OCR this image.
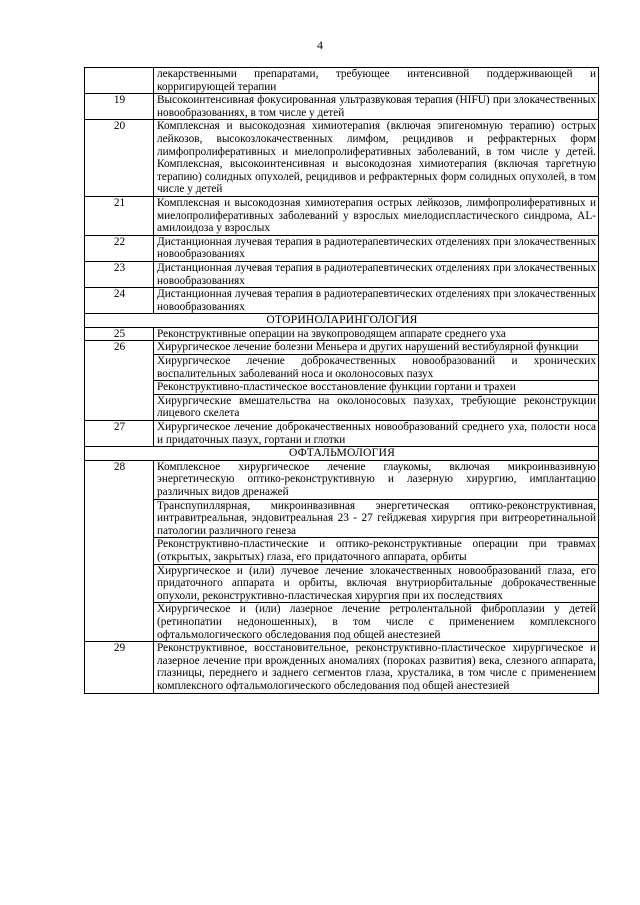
4
	лекарственными препаратами, требующее интенсивной поддерживающей и корригирующей терапии
19	Высокоинтенсивная фокусированная ультразвуковая терапия (HIFU) при злокачественных новообразованиях, в том числе у детей
20	Комплексная и высокодозная химиотерапия (включая эпигеномную терапию) острых лейкозов, высокозлокачественных лимфом, рецидивов и рефрактерных форм лимфопролиферативных и миелопролиферативных заболеваний, в том числе у детей. Комплексная, высокоинтенсивная и высокодозная химиотерапия (включая таргетную терапию) солидных опухолей, рецидивов и рефрактерных форм солидных опухолей, в том числе у детей
21	Комплексная и высокодозная химиотерапия острых лейкозов, лимфопролиферативных и миелопролиферативных заболеваний у взрослых миелодиспластического синдрома, AL-амилоидоза у взрослых
22	Дистанционная лучевая терапия в радиотерапевтических отделениях при злокачественных новообразованиях
23	Дистанционная лучевая терапия в радиотерапевтических отделениях при злокачественных новообразованиях
24	Дистанционная лучевая терапия в радиотерапевтических отделениях при злокачественных новообразованиях
ОТОРИНОЛАРИНГОЛОГИЯ	
25	Реконструктивные операции на звукопроводящем аппарате среднего уха
26	Хирургическое лечение болезни Меньера и других нарушений вестибулярной функции
	Хирургическое лечение доброкачественных новообразований и хронических воспалительных заболеваний носа и околоносовых пазух
	Реконструктивно-пластическое восстановление функции гортани и трахеи
	Хирургические вмешательства на околоносовых пазухах, требующие реконструкции лицевого скелета
27	Хирургическое лечение доброкачественных новообразований среднего уха, полости носа и придаточных пазух, гортани и глотки
ОФТАЛЬМОЛОГИЯ	
28	Комплексное хирургическое лечение глаукомы, включая микроинвазивную энергетическую оптико-реконструктивную и лазерную хирургию, имплантацию различных видов дренажей
	Транспупиллярная, микроинвазивная энергетическая оптико-реконструктивная, интравитреальная, эндовитреальная 23 - 27 гейджевая хирургия при витреоретинальной патологии различного генеза
	Реконструктивно-пластические и оптико-реконструктивные операции при травмах (открытых, закрытых) глаза, его придаточного аппарата, орбиты
	Хирургическое и (или) лучевое лечение злокачественных новообразований глаза, его придаточного аппарата и орбиты, включая внутриорбитальные доброкачественные опухоли, реконструктивно-пластическая хирургия при их последствиях
	Хирургическое и (или) лазерное лечение ретролентальной фиброплазии у детей (ретинопатии недоношенных), в том числе с применением комплексного офтальмологического обследования под общей анестезией
29	Реконструктивное, восстановительное, реконструктивно-пластическое хирургическое и лазерное лечение при врожденных аномалиях (пороках развития) века, слезного аппарата, глазницы, переднего и заднего сегментов глаза, хрусталика, в том числе с применением комплексного офтальмологического обследования под общей анестезией
